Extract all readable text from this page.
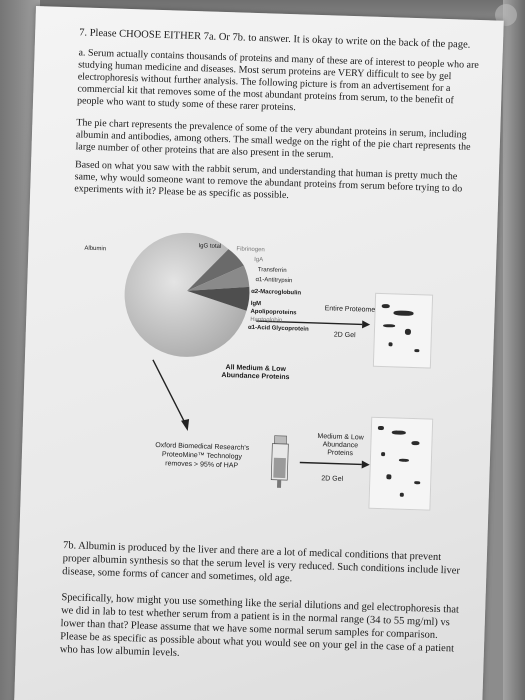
7. Please CHOOSE EITHER 7a. Or 7b. to answer. It is okay to write on the back of the page.
a. Serum actually contains thousands of proteins and many of these are of interest to people who are studying human medicine and diseases. Most serum proteins are VERY difficult to see by gel electrophoresis without further analysis. The following picture is from an advertisement for a commercial kit that removes some of the most abundant proteins from serum, to the benefit of people who want to study some of these rarer proteins.
The pie chart represents the prevalence of some of the very abundant proteins in serum, including albumin and antibodies, among others. The small wedge on the right of the pie chart represents the large number of other proteins that are also present in the serum.
Based on what you saw with the rabbit serum, and understanding that human is pretty much the same, why would someone want to remove the abundant proteins from serum before trying to do experiments with it? Please be as specific as possible.
Albumin	IgG total	Fibrinogen
IgA
Transferrin
α1-Antitrypsin
α2-Macroglobulin
IgM
Apolipoproteins
Haptoglobin
α1-Acid Glycoprotein
Entire Proteome
2D Gel
All Medium & Low Abundance Proteins
Oxford Biomedical Research's
ProteoMine™ Technology
removes > 95% of HAP
Medium & Low Abundance Proteins
2D Gel
7b. Albumin is produced by the liver and there are a lot of medical conditions that prevent proper albumin synthesis so that the serum level is very reduced. Such conditions include liver disease, some forms of cancer and sometimes, old age.
Specifically, how might you use something like the serial dilutions and gel electrophoresis that we did in lab to test whether serum from a patient is in the normal range (34 to 55 mg/ml) vs lower than that? Please assume that we have some normal serum samples for comparison. Please be as specific as possible about what you would see on your gel in the case of a patient who has low albumin levels.
